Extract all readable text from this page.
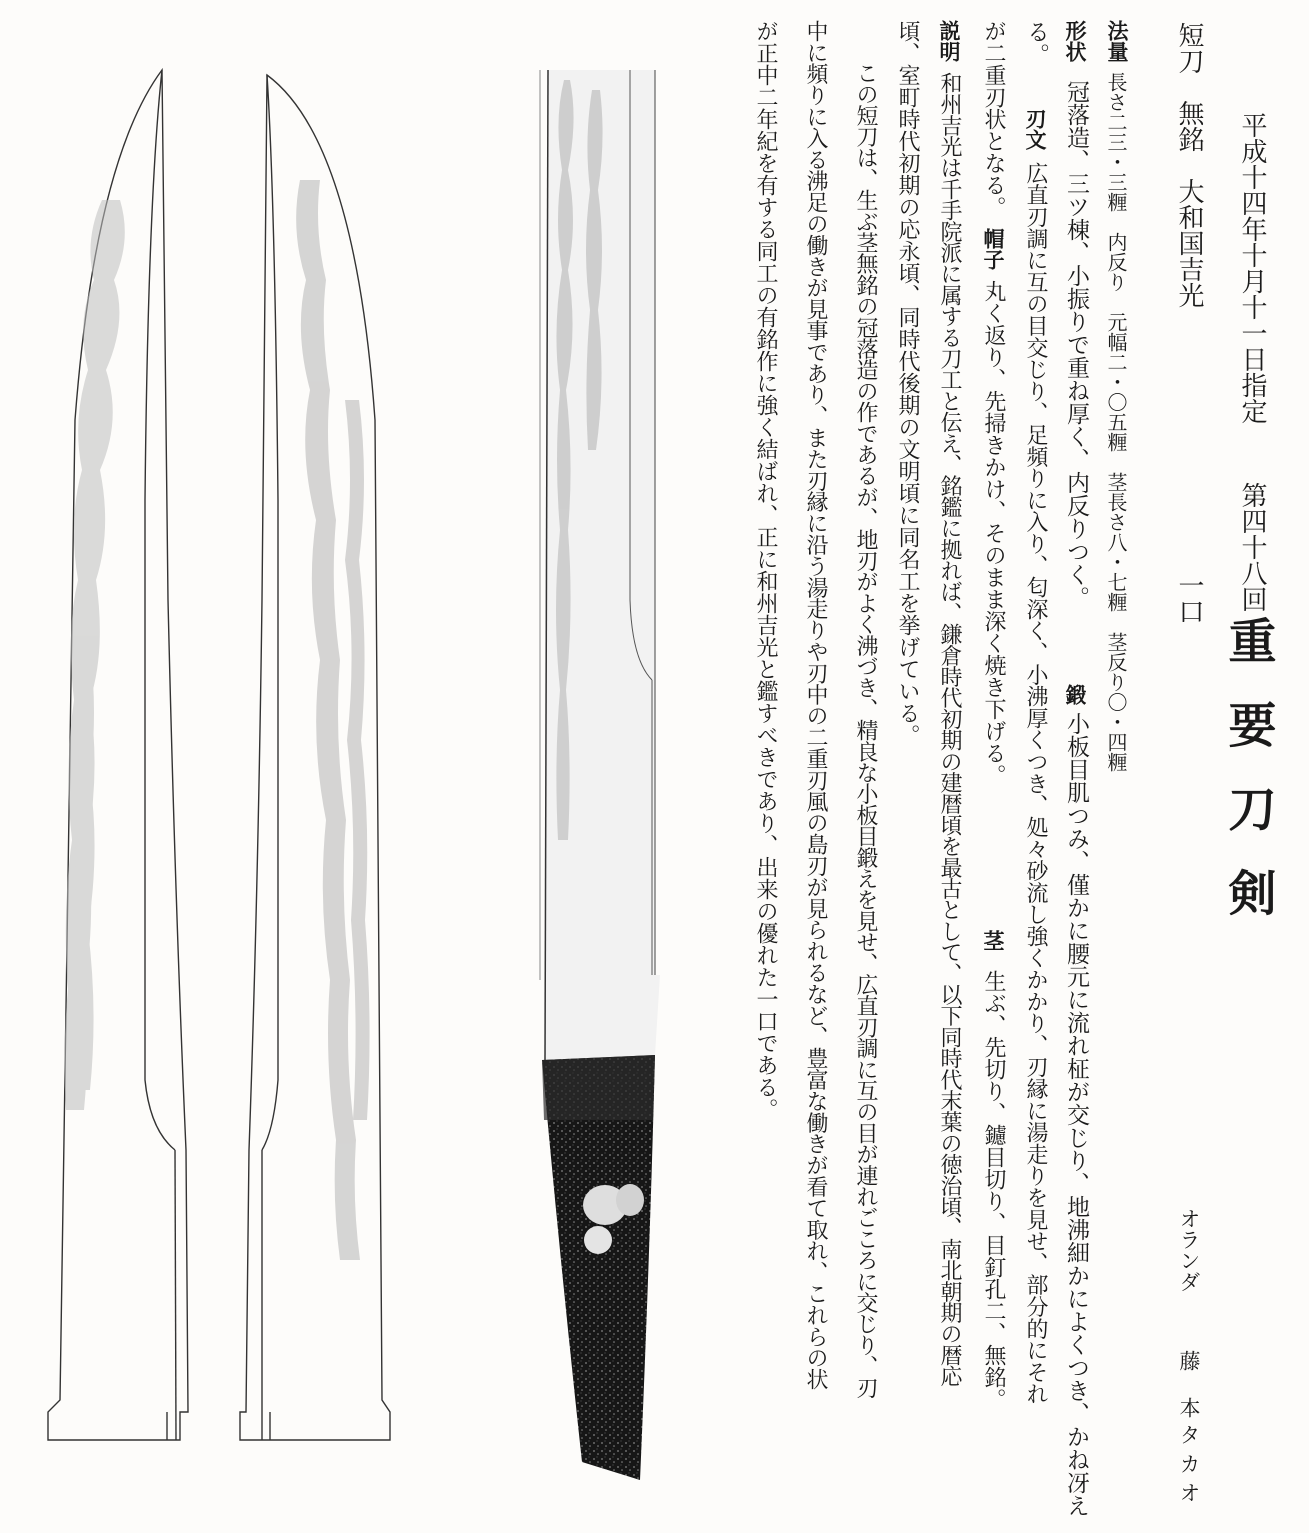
平成十四年十月十一日指定
第四十八回
重要刀剣
短刀　無銘　大和国吉光
一口
オランダ
藤本
タカオ
法量
長さ二三・三糎　内反り　元幅二・〇五糎　茎長さ八・七糎　茎反り〇・四糎
形状
冠落造、三ツ棟、小振りで重ね厚く、内反りつく。
鍛
小板目肌つみ、僅かに腰元に流れ柾が交じり、地沸細かによくつき、かね冴え
る。
刃文
広直刃調に互の目交じり、足頻りに入り、匂深く、小沸厚くつき、処々砂流し強くかかり、刃縁に湯走りを見せ、部分的にそれ
が二重刃状となる。
帽子
丸く返り、先掃きかけ、そのまま深く焼き下げる。
茎
生ぶ、先切り、鑢目切り、目釘孔二、無銘。
説明
和州吉光は千手院派に属する刀工と伝え、銘鑑に拠れば、鎌倉時代初期の建暦頃を最古として、以下同時代末葉の徳治頃、南北朝期の暦応
頃、室町時代初期の応永頃、同時代後期の文明頃に同名工を挙げている。
この短刀は、生ぶ茎無銘の冠落造の作であるが、地刃がよく沸づき、精良な小板目鍛えを見せ、広直刃調に互の目が連れごころに交じり、刃
中に頻りに入る沸足の働きが見事であり、また刃縁に沿う湯走りや刃中の二重刃風の島刃が見られるなど、豊富な働きが看て取れ、これらの状
が正中二年紀を有する同工の有銘作に強く結ばれ、正に和州吉光と鑑すべきであり、出来の優れた一口である。
